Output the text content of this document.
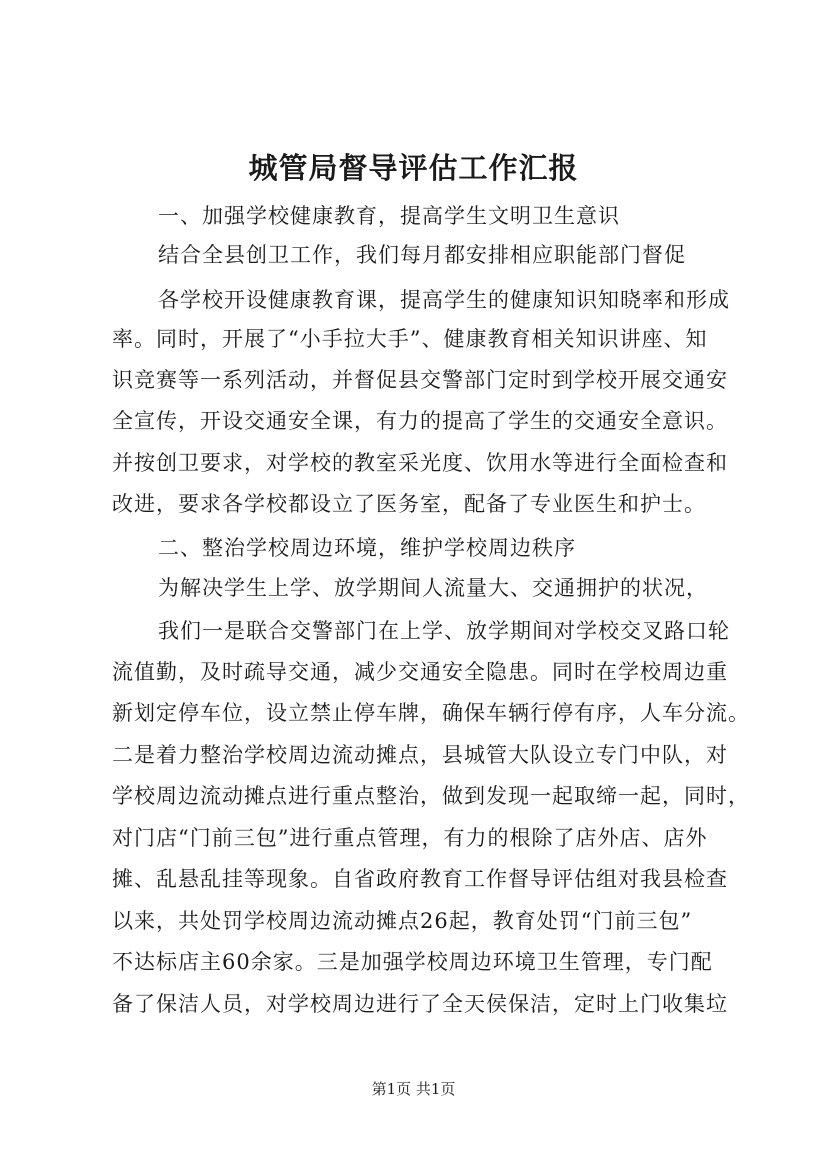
城管局督导评估工作汇报
一、加强学校健康教育，提高学生文明卫生意识
结合全县创卫工作，我们每月都安排相应职能部门督促
各学校开设健康教育课，提高学生的健康知识知晓率和形成
率。同时，开展了“小手拉大手”、健康教育相关知识讲座、知
识竞赛等一系列活动，并督促县交警部门定时到学校开展交通安
全宣传，开设交通安全课，有力的提高了学生的交通安全意识。
并按创卫要求，对学校的教室采光度、饮用水等进行全面检查和
改进，要求各学校都设立了医务室，配备了专业医生和护士。
二、整治学校周边环境，维护学校周边秩序
为解决学生上学、放学期间人流量大、交通拥护的状况，
我们一是联合交警部门在上学、放学期间对学校交叉路口轮
流值勤，及时疏导交通，减少交通安全隐患。同时在学校周边重
新划定停车位，设立禁止停车牌，确保车辆行停有序，人车分流。
二是着力整治学校周边流动摊点，县城管大队设立专门中队，对
学校周边流动摊点进行重点整治，做到发现一起取缔一起，同时，
对门店“门前三包”进行重点管理，有力的根除了店外店、店外
摊、乱悬乱挂等现象。自省政府教育工作督导评估组对我县检查
以来，共处罚学校周边流动摊点26起，教育处罚“门前三包”
不达标店主60余家。三是加强学校周边环境卫生管理，专门配
备了保洁人员，对学校周边进行了全天侯保洁，定时上门收集垃
第1页 共1页
